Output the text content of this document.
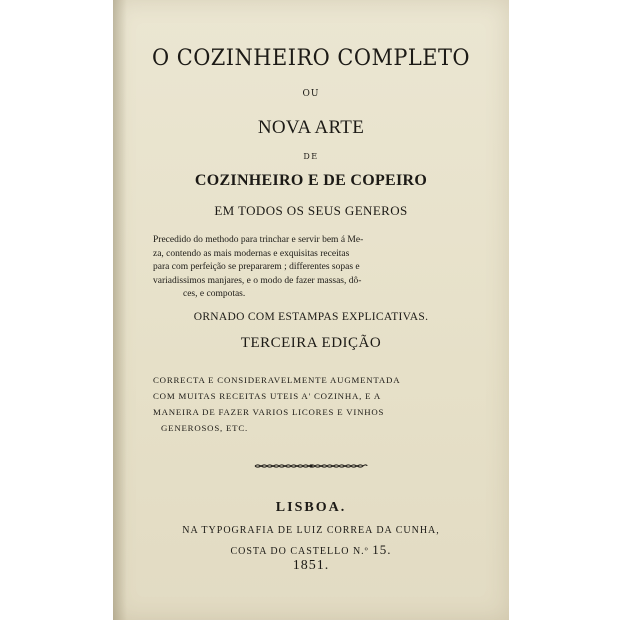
O COZINHEIRO COMPLETO
OU
NOVA ARTE
DE
COZINHEIRO E DE COPEIRO
EM TODOS OS SEUS GENEROS
Precedido do methodo para trinchar e servir bem á Me-
za, contendo as mais modernas e exquisitas receitas
para com perfeição se prepararem ; differentes sopas e
variadissimos manjares, e o modo de fazer massas, dô-
ces, e compotas.
ORNADO COM ESTAMPAS EXPLICATIVAS.
TERCEIRA EDIÇÃO
CORRECTA E CONSIDERAVELMENTE AUGMENTADA
COM MUITAS RECEITAS UTEIS A' COZINHA, E A
MANEIRA DE FAZER VARIOS LICORES E VINHOS
GENEROSOS, ETC.
LISBOA.
NA TYPOGRAFIA DE LUIZ CORREA DA CUNHA,
COSTA DO CASTELLO N.º 15.
1851.
